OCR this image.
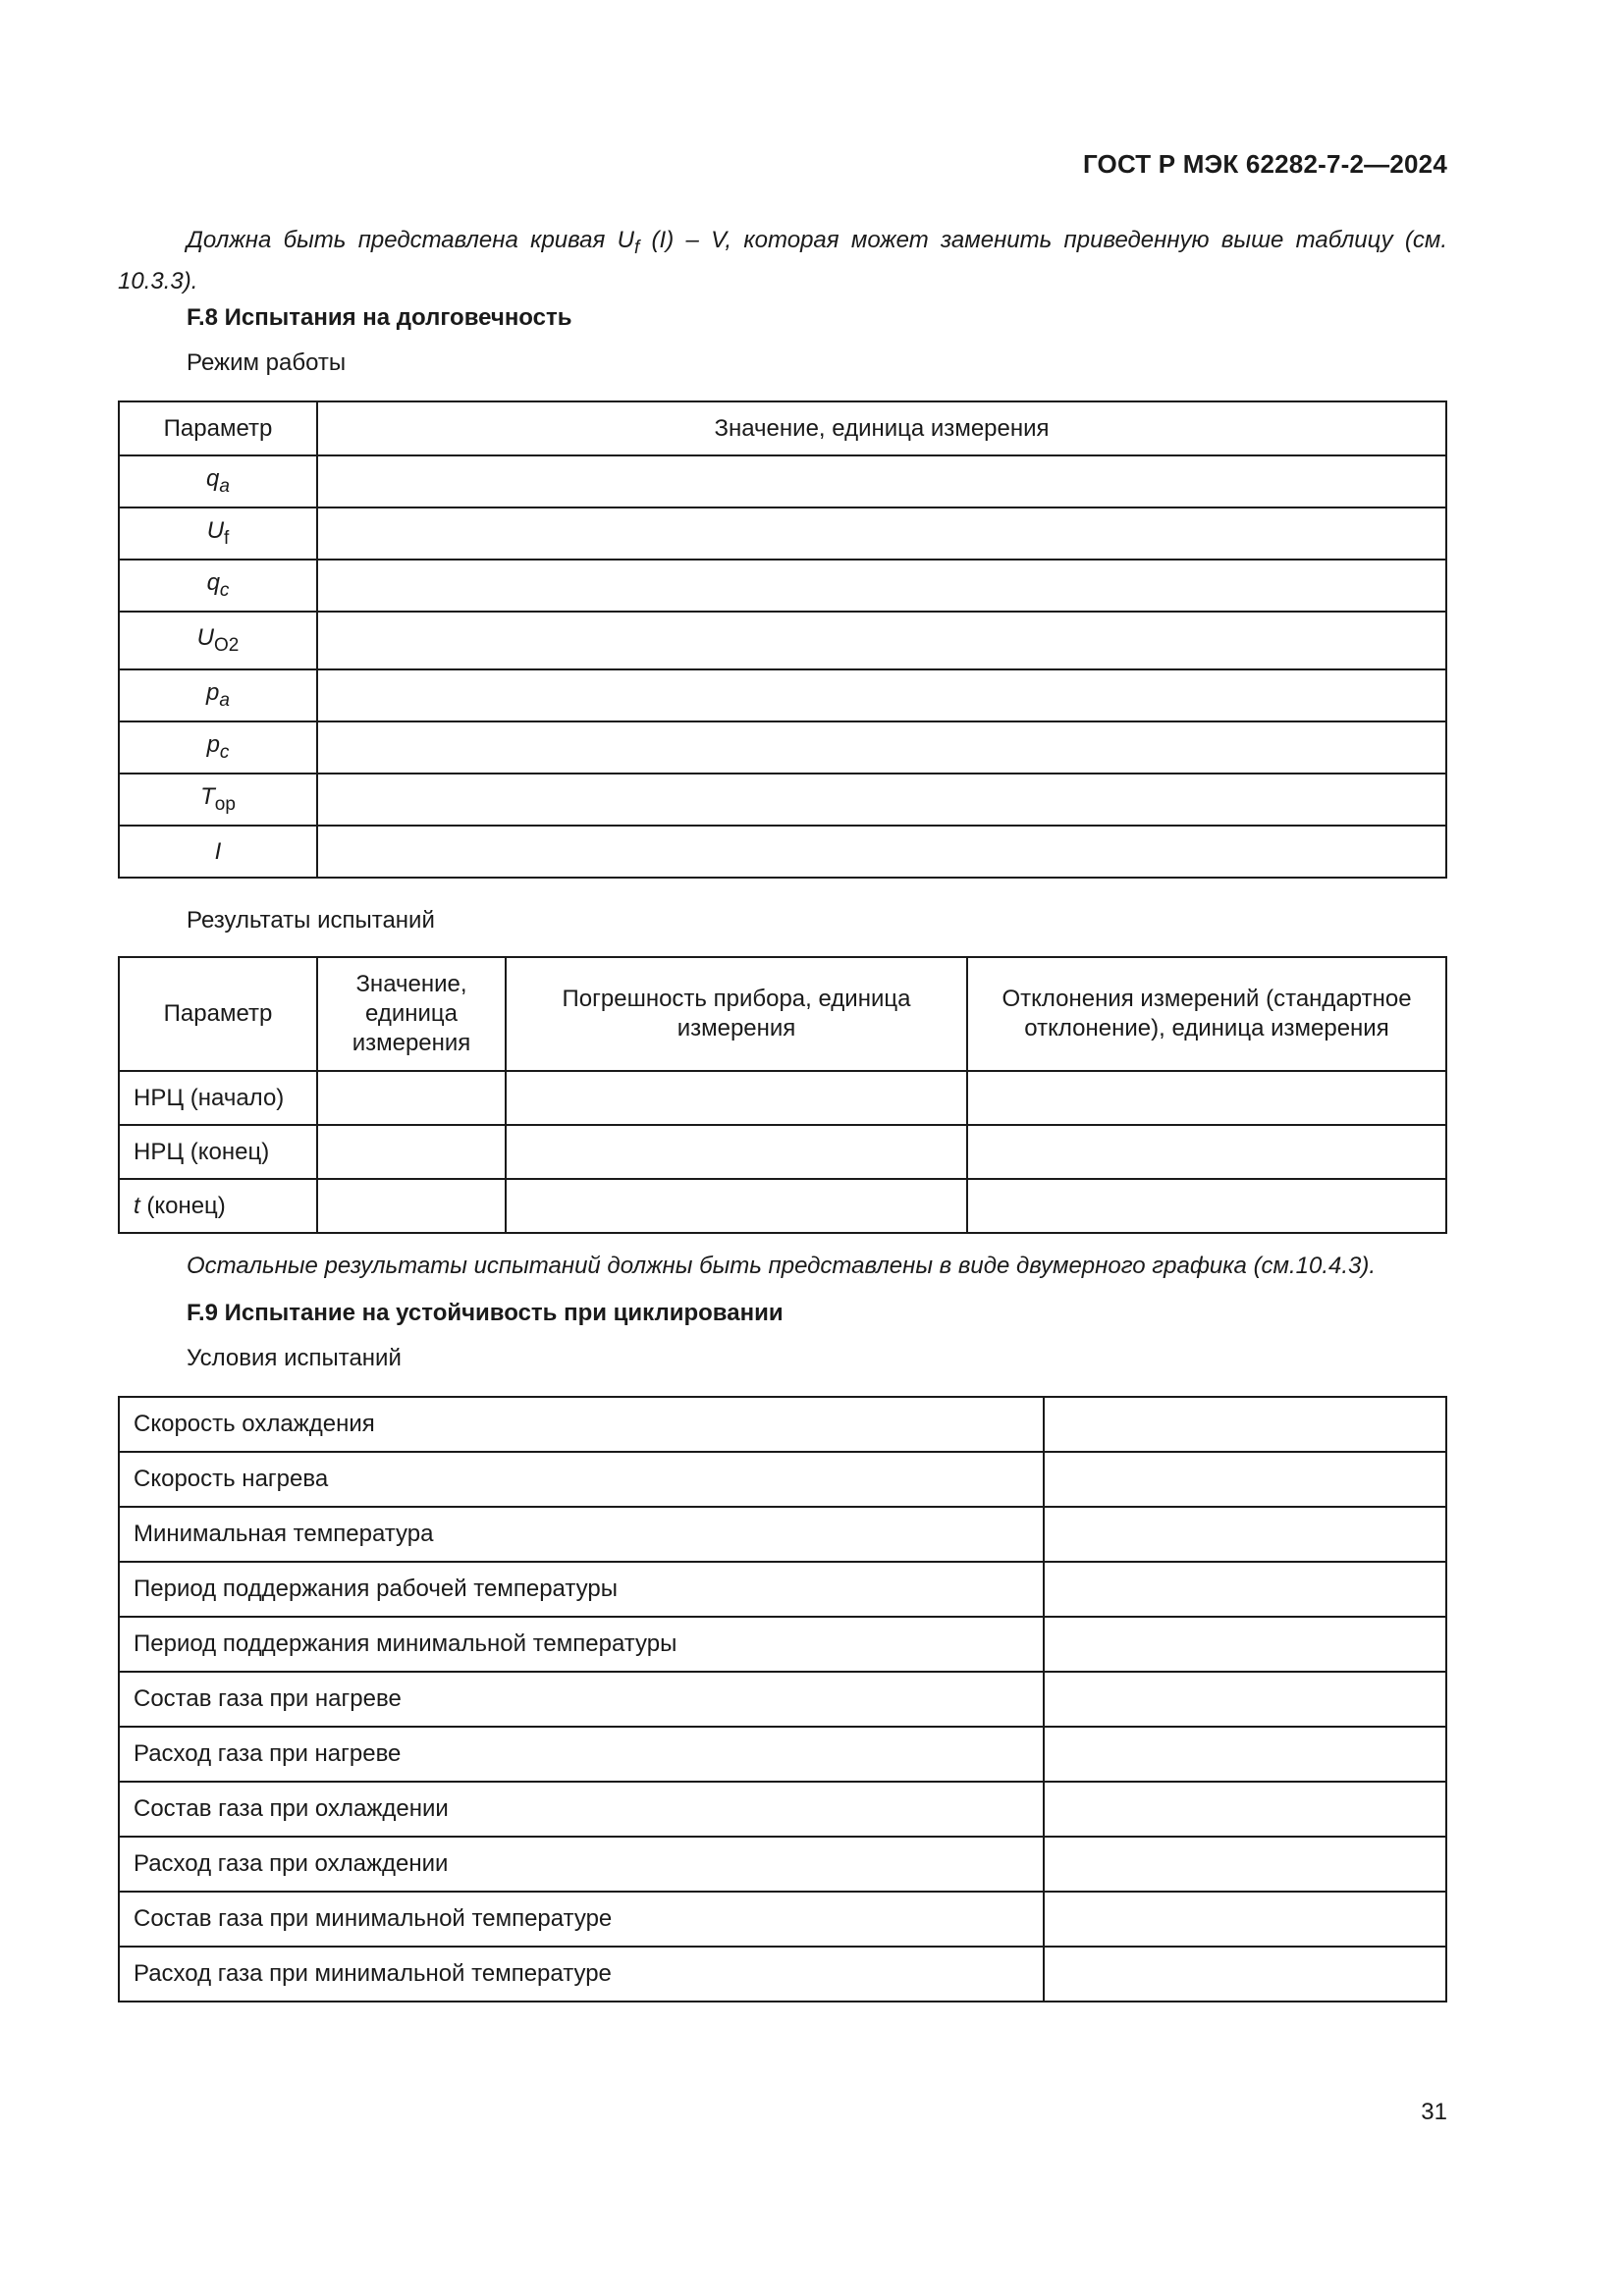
ГОСТ Р МЭК 62282-7-2—2024
Должна быть представлена кривая $U_f$ (I) – V, которая может заменить приведенную выше таблицу (см. 10.3.3).
F.8 Испытания на долговечность
Режим работы
Параметр	Значение, единица измерения
$q_a$	
$U_f$	
$q_c$	
$U_{O2}$	
$p_a$	
$p_c$	
$T_{op}$	
I	
Результаты испытаний
Параметр	Значение, единица измерения	Погрешность прибора, единица измерения	Отклонения измерений (стандартное отклонение), единица измерения
НРЦ (начало)			
НРЦ (конец)			
t (конец)			
Остальные результаты испытаний должны быть представлены в виде двумерного графика (см.10.4.3).
F.9 Испытание на устойчивость при циклировании
Условия испытаний
Скорость охлаждения	
Скорость нагрева	
Минимальная температура	
Период поддержания рабочей температуры	
Период поддержания минимальной температуры	
Состав газа при нагреве	
Расход газа при нагреве	
Состав газа при охлаждении	
Расход газа при охлаждении	
Состав газа при минимальной температуре	
Расход газа при минимальной температуре	
31
